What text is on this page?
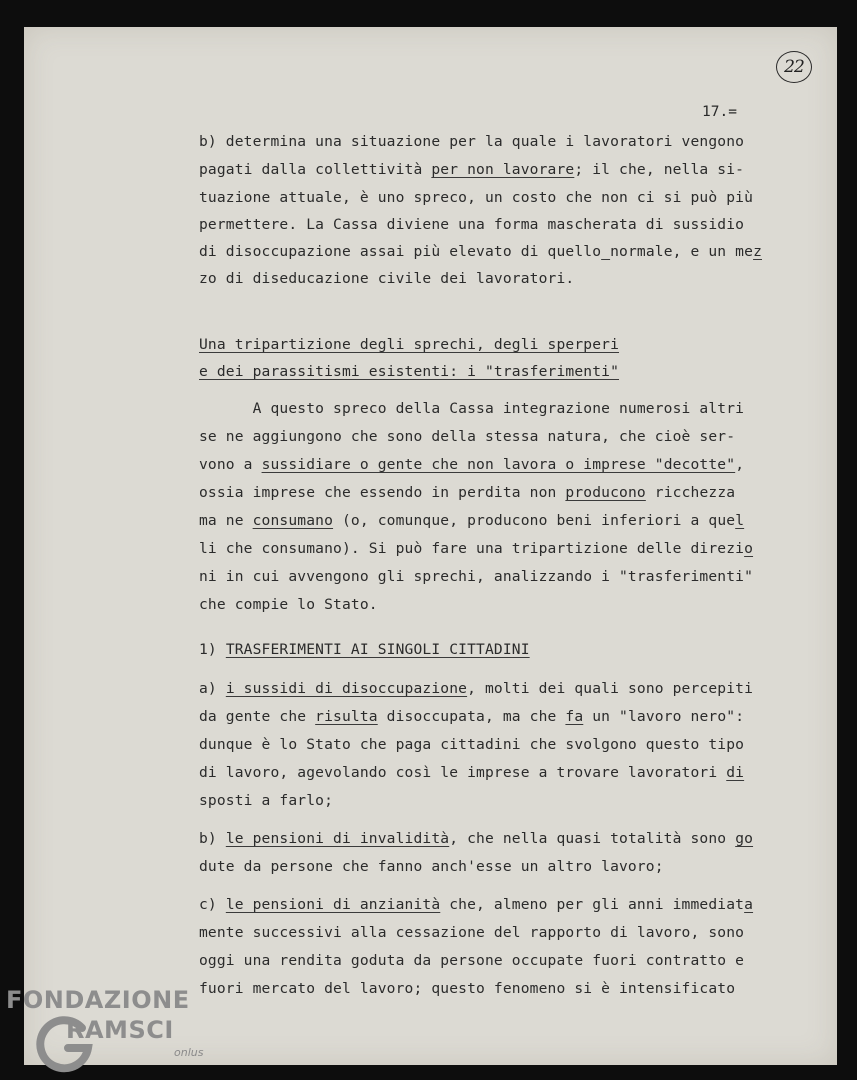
22
17.=
b) determina una situazione per la quale i lavoratori vengono
pagati dalla collettività per non lavorare; il che, nella si-
tuazione attuale, è uno spreco, un costo che non ci si può più
permettere. La Cassa diviene una forma mascherata di sussidio
di disoccupazione assai più elevato di quello normale, e un mez
zo di diseducazione civile dei lavoratori.
Una tripartizione degli sprechi, degli sperperi
e dei parassitismi esistenti: i "trasferimenti"
A questo spreco della Cassa integrazione numerosi altri
se ne aggiungono che sono della stessa natura, che cioè ser-
vono a sussidiare o gente che non lavora o imprese "decotte",
ossia imprese che essendo in perdita non producono ricchezza
ma ne consumano (o, comunque, producono beni inferiori a quel
li che consumano). Si può fare una tripartizione delle direzio
ni in cui avvengono gli sprechi, analizzando i "trasferimenti"
che compie lo Stato.
1) TRASFERIMENTI AI SINGOLI CITTADINI
a) i sussidi di disoccupazione, molti dei quali sono percepiti
da gente che risulta disoccupata, ma che fa un "lavoro nero":
dunque è lo Stato che paga cittadini che svolgono questo tipo
di lavoro, agevolando così le imprese a trovare lavoratori di
sposti a farlo;
b) le pensioni di invalidità, che nella quasi totalità sono go
dute da persone che fanno anch'esse un altro lavoro;
c) le pensioni di anzianità che, almeno per gli anni immediata
mente successivi alla cessazione del rapporto di lavoro, sono
oggi una rendita goduta da persone occupate fuori contratto e
fuori mercato del lavoro; questo fenomeno si è intensificato
FONDAZIONE
RAMSCI
onlus
